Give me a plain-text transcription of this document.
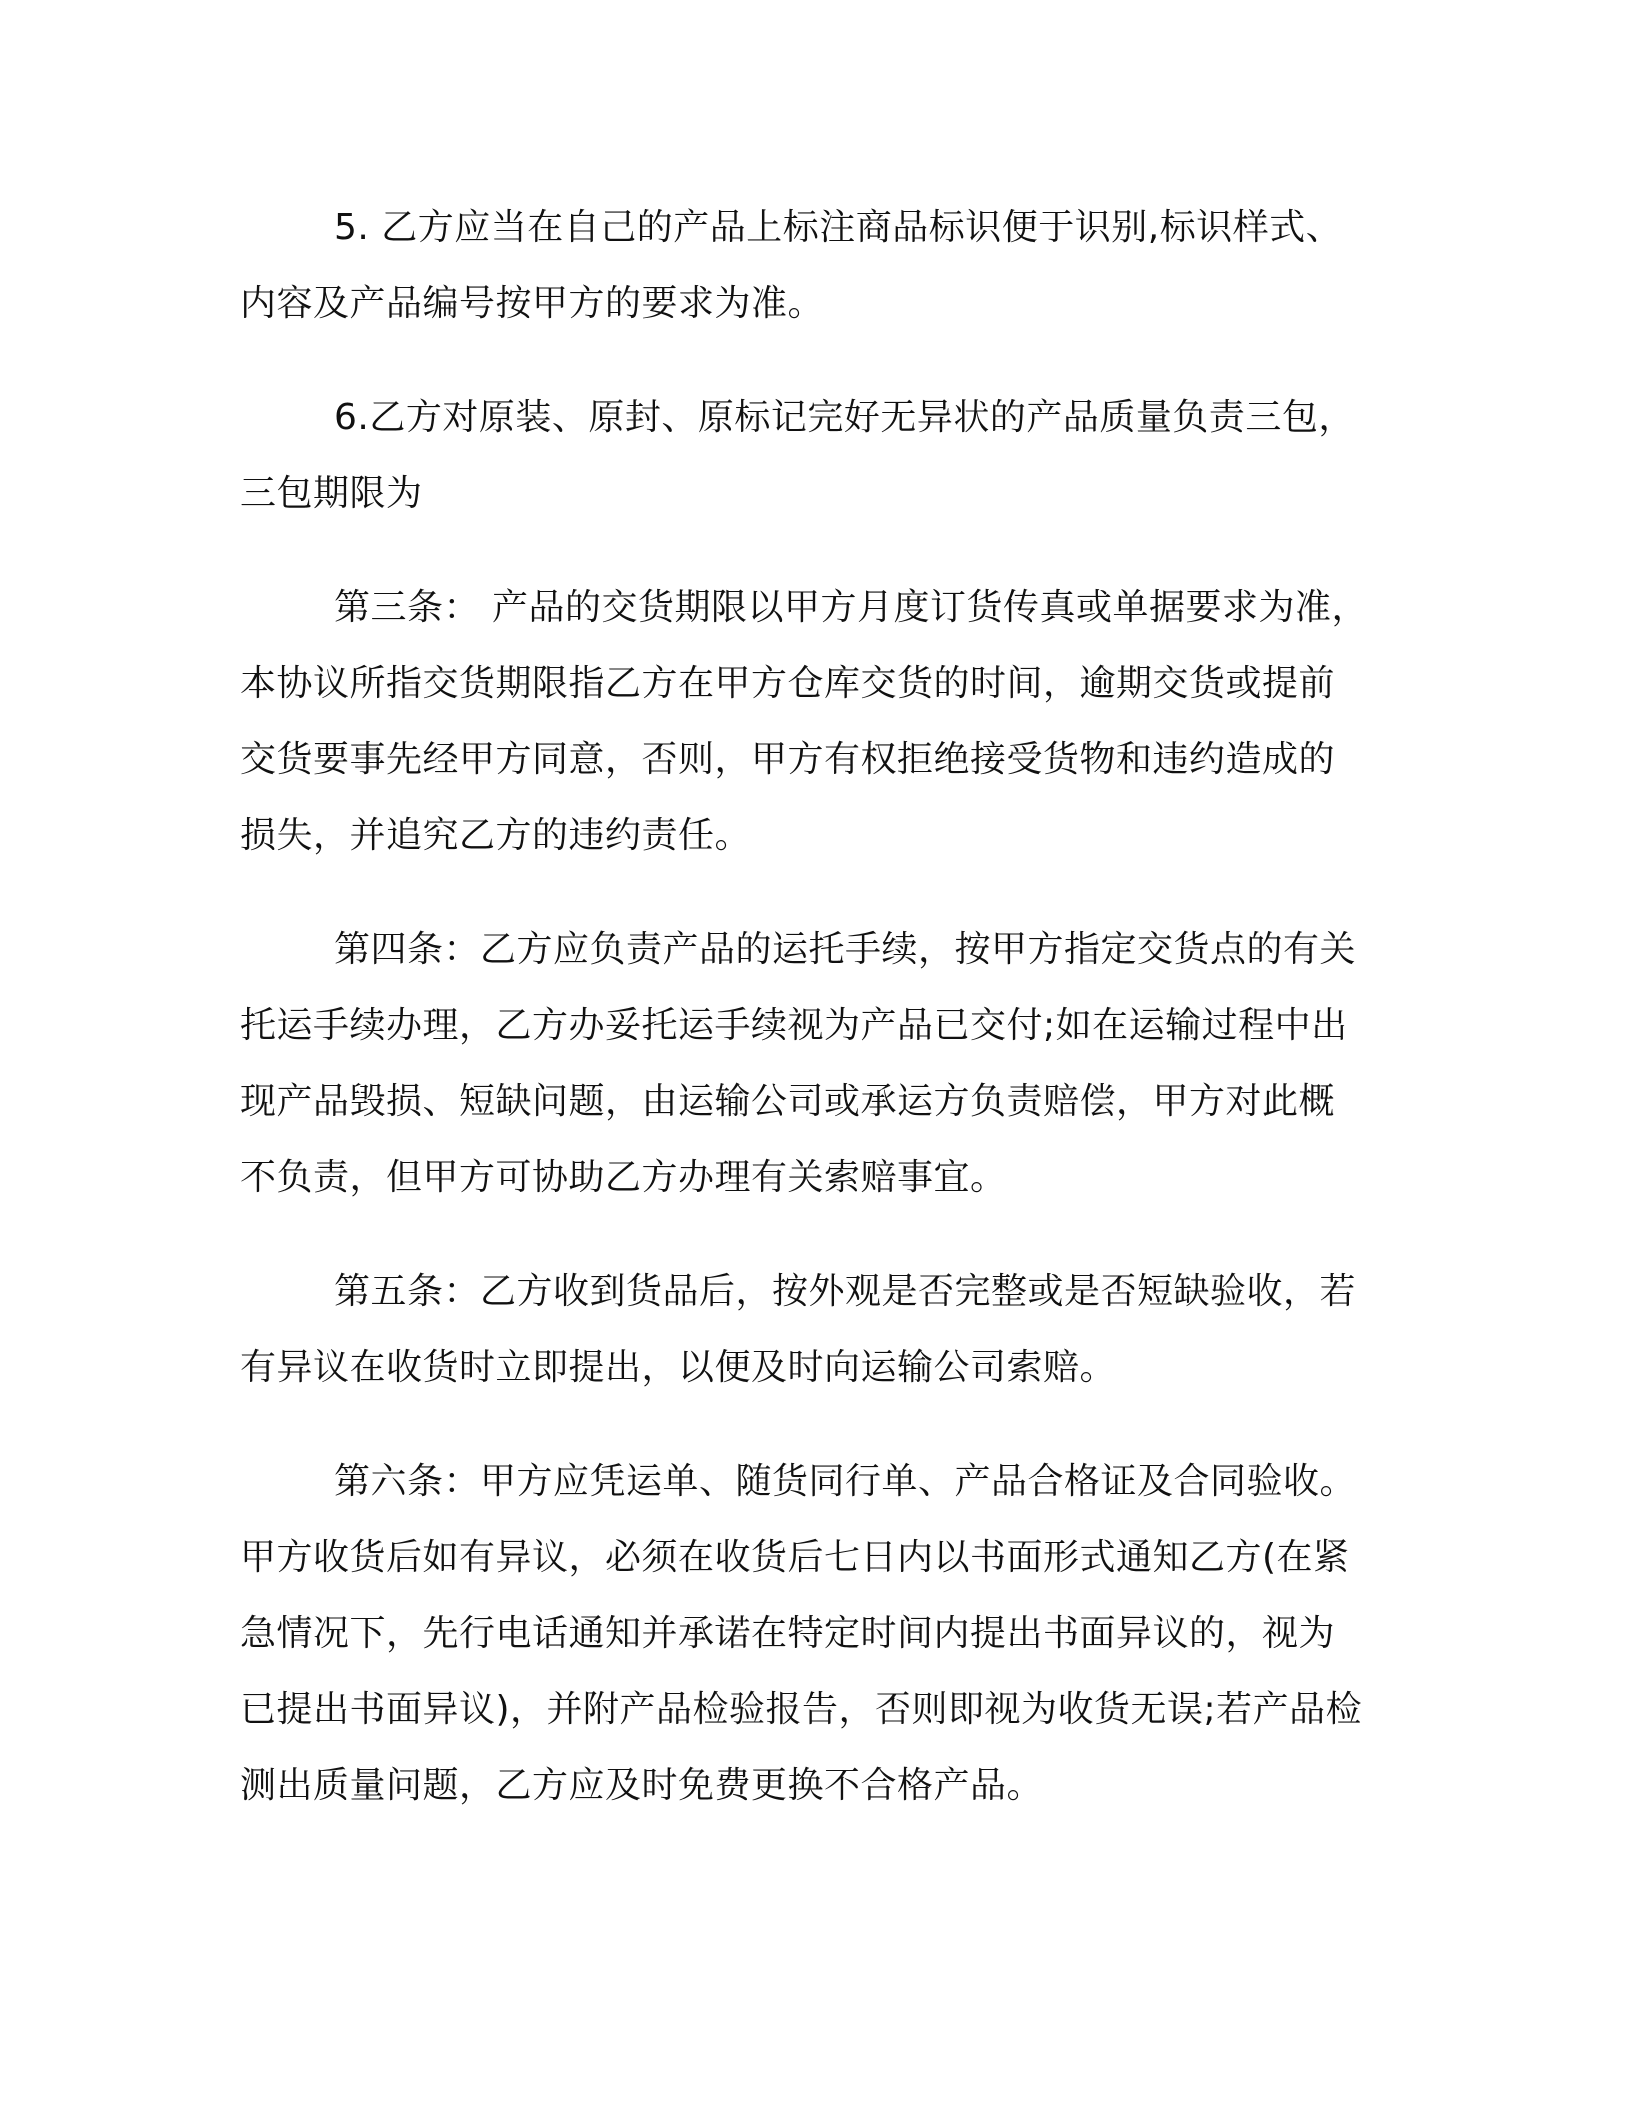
5. 乙方应当在自己的产品上标注商品标识便于识别,标识样式、
内容及产品编号按甲方的要求为准。
6.乙方对原装、原封、原标记完好无异状的产品质量负责三包，
三包期限为
第三条： 产品的交货期限以甲方月度订货传真或单据要求为准，
本协议所指交货期限指乙方在甲方仓库交货的时间，逾期交货或提前
交货要事先经甲方同意，否则，甲方有权拒绝接受货物和违约造成的
损失，并追究乙方的违约责任。
第四条：乙方应负责产品的运托手续，按甲方指定交货点的有关
托运手续办理，乙方办妥托运手续视为产品已交付;如在运输过程中出
现产品毁损、短缺问题，由运输公司或承运方负责赔偿，甲方对此概
不负责，但甲方可协助乙方办理有关索赔事宜。
第五条：乙方收到货品后，按外观是否完整或是否短缺验收，若
有异议在收货时立即提出，以便及时向运输公司索赔。
第六条：甲方应凭运单、随货同行单、产品合格证及合同验收。
甲方收货后如有异议，必须在收货后七日内以书面形式通知乙方(在紧
急情况下，先行电话通知并承诺在特定时间内提出书面异议的，视为
已提出书面异议)，并附产品检验报告，否则即视为收货无误;若产品检
测出质量问题，乙方应及时免费更换不合格产品。
